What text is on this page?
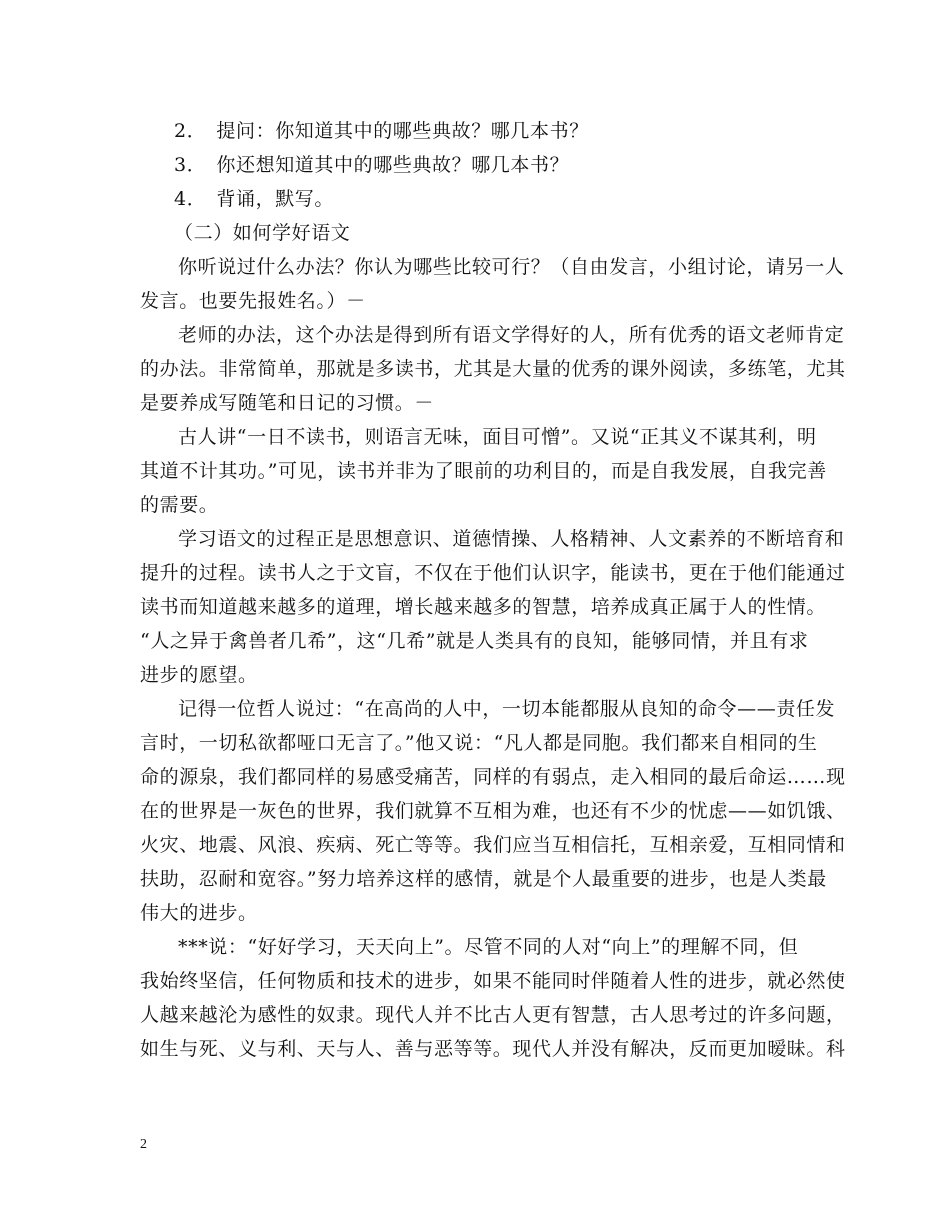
2．　提问：你知道其中的哪些典故？哪几本书？

3．　你还想知道其中的哪些典故？哪几本书？

4．　背诵，默写。

（二）如何学好语文

你听说过什么办法？你认为哪些比较可行？（自由发言，小组讨论，请另一人

发言。也要先报姓名。）－

老师的办法，这个办法是得到所有语文学得好的人，所有优秀的语文老师肯定

的办法。非常简单，那就是多读书，尤其是大量的优秀的课外阅读，多练笔，尤其

是要养成写随笔和日记的习惯。－

古人讲“一日不读书，则语言无味，面目可憎”。又说“正其义不谋其利，明

其道不计其功。”可见，读书并非为了眼前的功利目的，而是自我发展，自我完善

的需要。

学习语文的过程正是思想意识、道德情操、人格精神、人文素养的不断培育和

提升的过程。读书人之于文盲，不仅在于他们认识字，能读书，更在于他们能通过

读书而知道越来越多的道理，增长越来越多的智慧，培养成真正属于人的性情。

“人之异于禽兽者几希”，这“几希”就是人类具有的良知，能够同情，并且有求

进步的愿望。

记得一位哲人说过：“在高尚的人中，一切本能都服从良知的命令——责任发

言时，一切私欲都哑口无言了。”他又说：“凡人都是同胞。我们都来自相同的生

命的源泉，我们都同样的易感受痛苦，同样的有弱点，走入相同的最后命运……现

在的世界是一灰色的世界，我们就算不互相为难，也还有不少的忧虑——如饥饿、

火灾、地震、风浪、疾病、死亡等等。我们应当互相信托，互相亲爱，互相同情和

扶助，忍耐和宽容。”努力培养这样的感情，就是个人最重要的进步，也是人类最

伟大的进步。

***说：“好好学习，天天向上”。尽管不同的人对“向上”的理解不同，但

我始终坚信，任何物质和技术的进步，如果不能同时伴随着人性的进步，就必然使

人越来越沦为感性的奴隶。现代人并不比古人更有智慧，古人思考过的许多问题，

如生与死、义与利、天与人、善与恶等等。现代人并没有解决，反而更加暧昧。科

2
